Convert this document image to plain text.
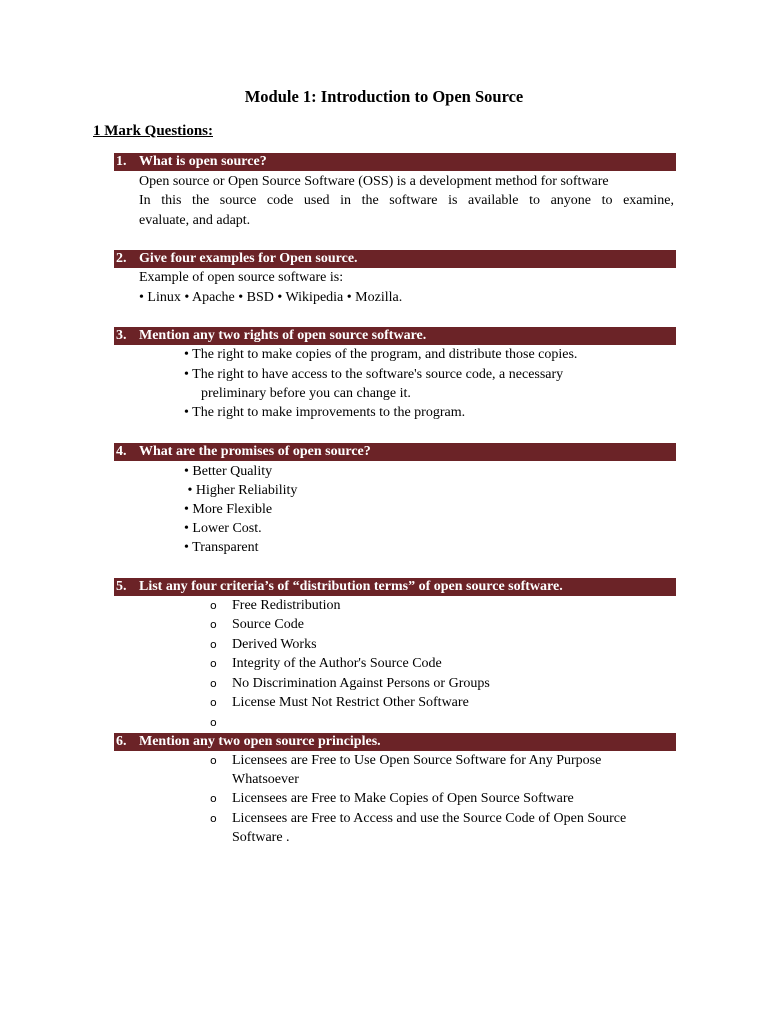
Module 1: Introduction to Open Source
1 Mark Questions:
1. What is open source?
Open source or Open Source Software (OSS) is a development method for software
In this the source code used in the software is available to anyone to examine,
evaluate, and adapt.
2. Give four examples for Open source.
Example of open source software is:
• Linux • Apache • BSD • Wikipedia • Mozilla.
3. Mention any two rights of open source software.
• The right to make copies of the program, and distribute those copies.
• The right to have access to the software's source code, a necessary
preliminary before you can change it.
• The right to make improvements to the program.
4. What are the promises of open source?
• Better Quality
• Higher Reliability
• More Flexible
• Lower Cost.
• Transparent
5. List any four criteria’s of “distribution terms” of open source software.
o Free Redistribution
o Source Code
o Derived Works
o Integrity of the Author's Source Code
o No Discrimination Against Persons or Groups
o License Must Not Restrict Other Software
o
6. Mention any two open source principles.
o Licensees are Free to Use Open Source Software for Any Purpose
Whatsoever
o Licensees are Free to Make Copies of Open Source Software
o Licensees are Free to Access and use the Source Code of Open Source
Software .
